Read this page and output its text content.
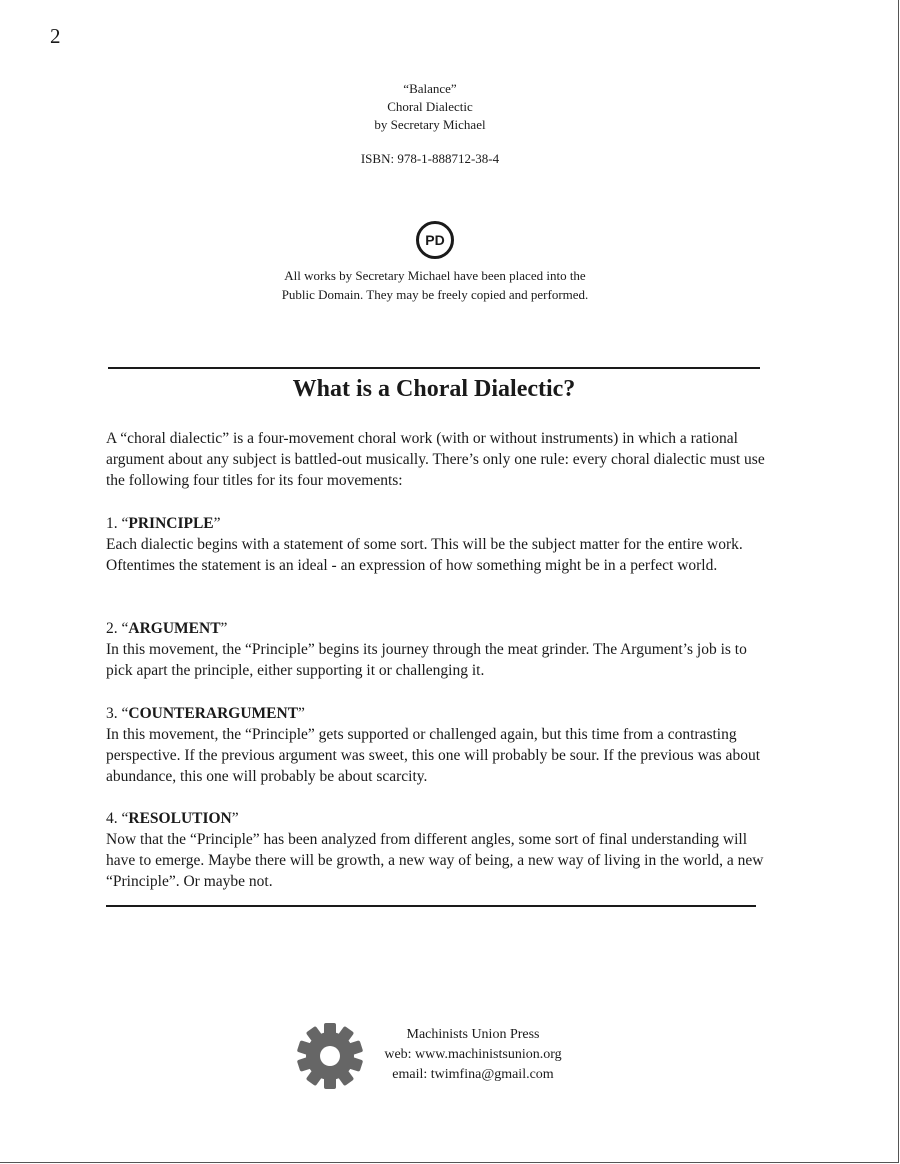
2
“Balance”
Choral Dialectic
by Secretary Michael
ISBN: 978-1-888712-38-4
PD
All works by Secretary Michael have been placed into the
Public Domain. They may be freely copied and performed.
What is a Choral Dialectic?
A “choral dialectic” is a four-movement choral work (with or without instruments) in which a rational argument about any subject is battled-out musically. There’s only one rule: every choral dialectic must use the following four titles for its four movements:
1. “PRINCIPLE”
Each dialectic begins with a statement of some sort. This will be the subject matter for the entire work. Oftentimes the statement is an ideal - an expression of how something might be in a perfect world.
2. “ARGUMENT”
In this movement, the “Principle” begins its journey through the meat grinder. The Argument’s job is to pick apart the principle, either supporting it or challenging it.
3. “COUNTERARGUMENT”
In this movement, the “Principle” gets supported or challenged again, but this time from a contrasting perspective. If the previous argument was sweet, this one will probably be sour. If the previous was about abundance, this one will probably be about scarcity.
4. “RESOLUTION”
Now that the “Principle” has been analyzed from different angles, some sort of final understanding will have to emerge. Maybe there will be growth, a new way of being, a new way of living in the world, a new “Principle”. Or maybe not.
Machinists Union Press
web: www.machinistsunion.org
email: twimfina@gmail.com
